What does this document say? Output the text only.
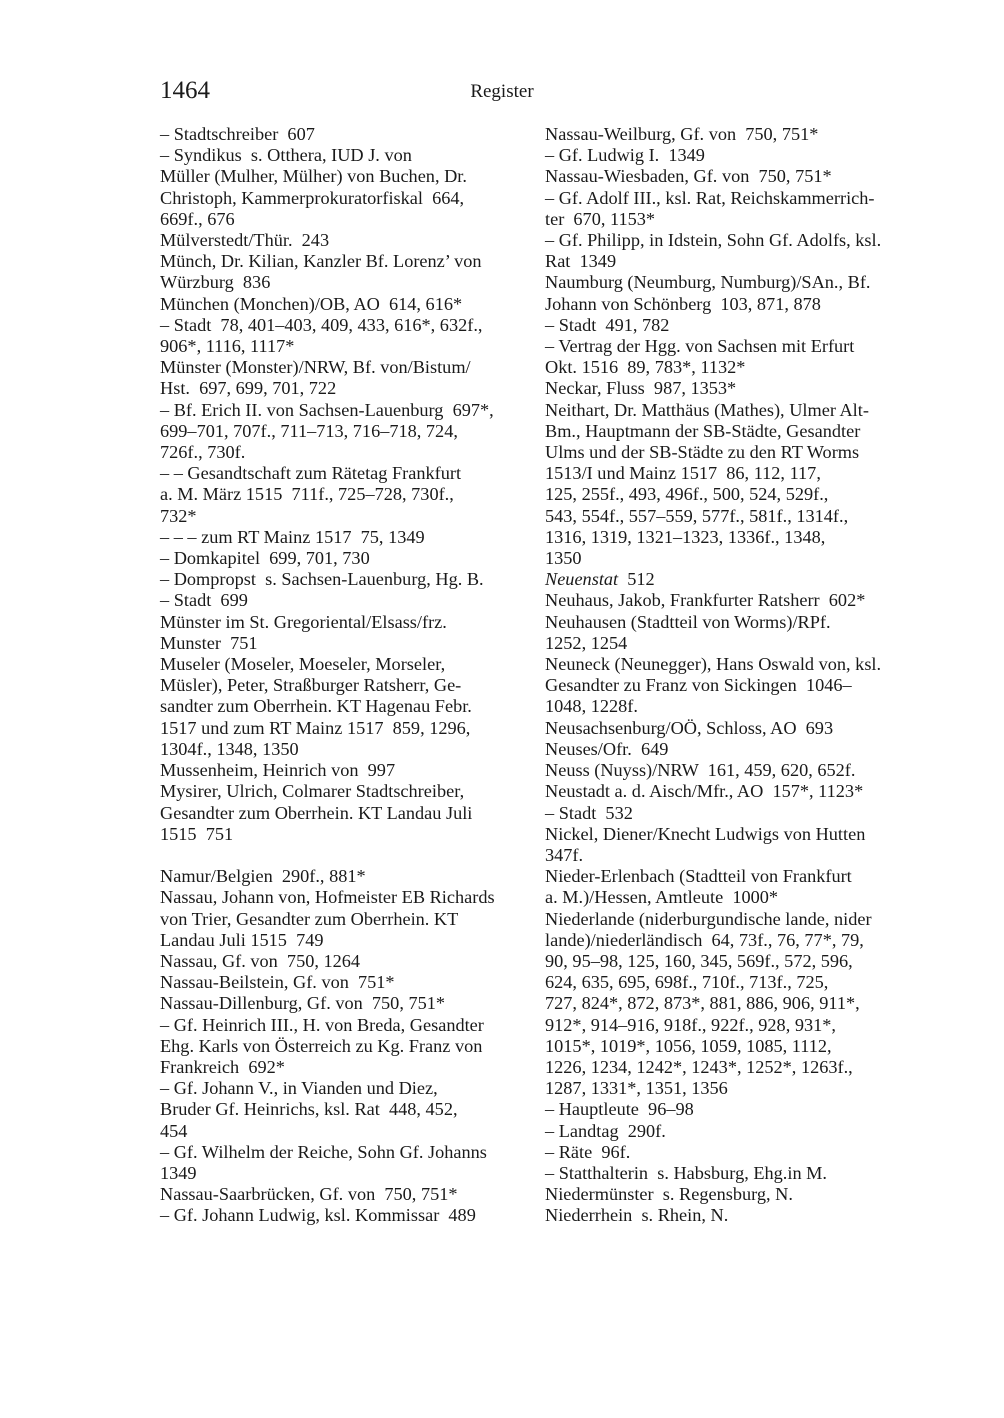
1464	Register
– Stadtschreiber  607
– Syndikus  s. Otthera, IUD J. von
Müller (Mulher, Mülher) von Buchen, Dr.
Christoph, Kammerprokuratorfiskal  664,
669f., 676
Mülverstedt/Thür.  243
Münch, Dr. Kilian, Kanzler Bf. Lorenz’ von
Würzburg  836
München (Monchen)/OB, AO  614, 616*
– Stadt  78, 401–403, 409, 433, 616*, 632f.,
906*, 1116, 1117*
Münster (Monster)/NRW, Bf. von/Bistum/
Hst.  697, 699, 701, 722
– Bf. Erich II. von Sachsen-Lauenburg  697*,
699–701, 707f., 711–713, 716–718, 724,
726f., 730f.
– – Gesandtschaft zum Rätetag Frankfurt
a. M. März 1515  711f., 725–728, 730f.,
732*
– – – zum RT Mainz 1517  75, 1349
– Domkapitel  699, 701, 730
– Dompropst  s. Sachsen-Lauenburg, Hg. B.
– Stadt  699
Münster im St. Gregoriental/Elsass/frz.
Munster  751
Museler (Moseler, Moeseler, Morseler,
Müsler), Peter, Straßburger Ratsherr, Ge-
sandter zum Oberrhein. KT Hagenau Febr.
1517 und zum RT Mainz 1517  859, 1296,
1304f., 1348, 1350
Mussenheim, Heinrich von  997
Mysirer, Ulrich, Colmarer Stadtschreiber,
Gesandter zum Oberrhein. KT Landau Juli
1515  751
Namur/Belgien  290f., 881*
Nassau, Johann von, Hofmeister EB Richards
von Trier, Gesandter zum Oberrhein. KT
Landau Juli 1515  749
Nassau, Gf. von  750, 1264
Nassau-Beilstein, Gf. von  751*
Nassau-Dillenburg, Gf. von  750, 751*
– Gf. Heinrich III., H. von Breda, Gesandter
Ehg. Karls von Österreich zu Kg. Franz von
Frankreich  692*
– Gf. Johann V., in Vianden und Diez,
Bruder Gf. Heinrichs, ksl. Rat  448, 452,
454
– Gf. Wilhelm der Reiche, Sohn Gf. Johanns
1349
Nassau-Saarbrücken, Gf. von  750, 751*
– Gf. Johann Ludwig, ksl. Kommissar  489
Nassau-Weilburg, Gf. von  750, 751*
– Gf. Ludwig I.  1349
Nassau-Wiesbaden, Gf. von  750, 751*
– Gf. Adolf III., ksl. Rat, Reichskammerrich-
ter  670, 1153*
– Gf. Philipp, in Idstein, Sohn Gf. Adolfs, ksl.
Rat  1349
Naumburg (Neumburg, Numburg)/SAn., Bf.
Johann von Schönberg  103, 871, 878
– Stadt  491, 782
– Vertrag der Hgg. von Sachsen mit Erfurt
Okt. 1516  89, 783*, 1132*
Neckar, Fluss  987, 1353*
Neithart, Dr. Matthäus (Mathes), Ulmer Alt-
Bm., Hauptmann der SB-Städte, Gesandter
Ulms und der SB-Städte zu den RT Worms
1513/I und Mainz 1517  86, 112, 117,
125, 255f., 493, 496f., 500, 524, 529f.,
543, 554f., 557–559, 577f., 581f., 1314f.,
1316, 1319, 1321–1323, 1336f., 1348,
1350
Neuenstat  512
Neuhaus, Jakob, Frankfurter Ratsherr  602*
Neuhausen (Stadtteil von Worms)/RPf.
1252, 1254
Neuneck (Neunegger), Hans Oswald von, ksl.
Gesandter zu Franz von Sickingen  1046–
1048, 1228f.
Neusachsenburg/OÖ, Schloss, AO  693
Neuses/Ofr.  649
Neuss (Nuyss)/NRW  161, 459, 620, 652f.
Neustadt a. d. Aisch/Mfr., AO  157*, 1123*
– Stadt  532
Nickel, Diener/Knecht Ludwigs von Hutten
347f.
Nieder-Erlenbach (Stadtteil von Frankfurt
a. M.)/Hessen, Amtleute  1000*
Niederlande (niderburgundische lande, nider
lande)/niederländisch  64, 73f., 76, 77*, 79,
90, 95–98, 125, 160, 345, 569f., 572, 596,
624, 635, 695, 698f., 710f., 713f., 725,
727, 824*, 872, 873*, 881, 886, 906, 911*,
912*, 914–916, 918f., 922f., 928, 931*,
1015*, 1019*, 1056, 1059, 1085, 1112,
1226, 1234, 1242*, 1243*, 1252*, 1263f.,
1287, 1331*, 1351, 1356
– Hauptleute  96–98
– Landtag  290f.
– Räte  96f.
– Statthalterin  s. Habsburg, Ehg.in M.
Niedermünster  s. Regensburg, N.
Niederrhein  s. Rhein, N.
